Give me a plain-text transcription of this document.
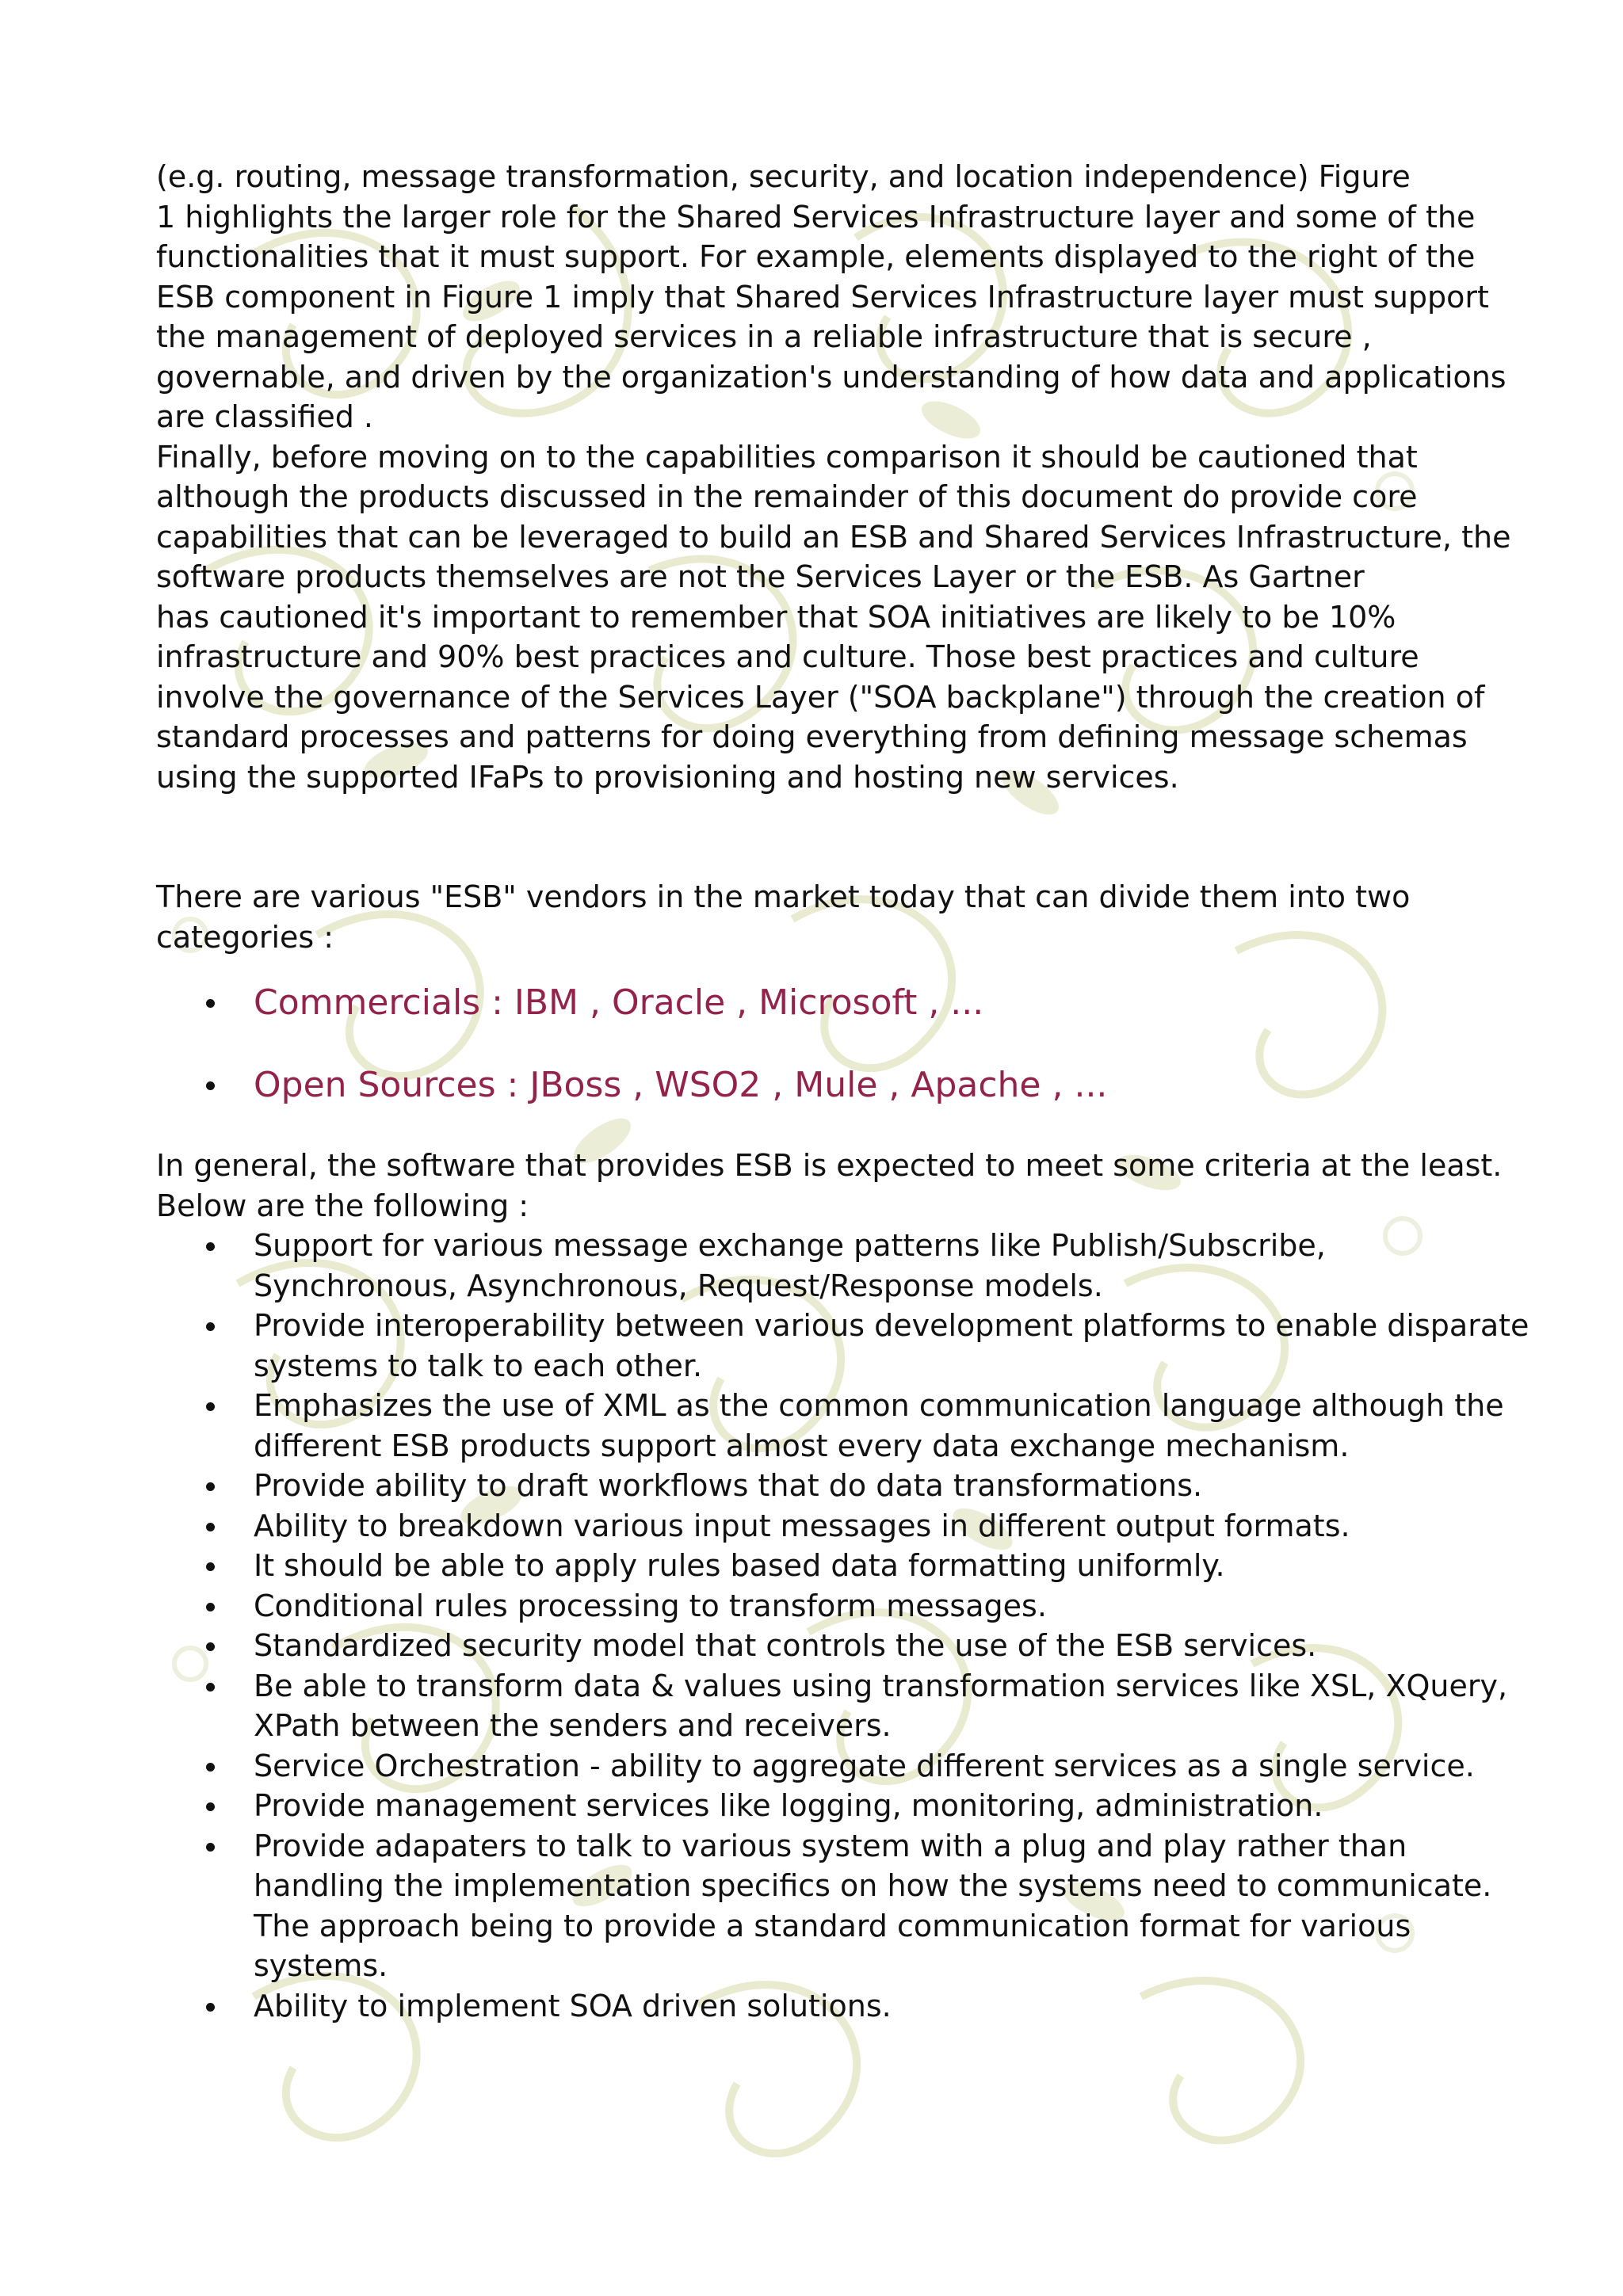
(e.g. routing, message transformation, security, and location independence) Figure
1 highlights the larger role for the Shared Services Infrastructure layer and some of the
functionalities that it must support. For example, elements displayed to the right of the
ESB component in Figure 1 imply that Shared Services Infrastructure layer must support
the management of deployed services in a reliable infrastructure that is secure ,
governable, and driven by the organization's understanding of how data and applications
are classified .
Finally, before moving on to the capabilities comparison it should be cautioned that
although the products discussed in the remainder of this document do provide core
capabilities that can be leveraged to build an ESB and Shared Services Infrastructure, the
software products themselves are not the Services Layer or the ESB. As Gartner
has cautioned it's important to remember that SOA initiatives are likely to be 10%
infrastructure and 90% best practices and culture. Those best practices and culture
involve the governance of the Services Layer ("SOA backplane") through the creation of
standard processes and patterns for doing everything from defining message schemas
using the supported IFaPs to provisioning and hosting new services.

There are various "ESB" vendors in the market today that can divide them into two
categories :

Commercials : IBM , Oracle , Microsoft , ...
Open Sources : JBoss , WSO2 , Mule , Apache , ...

In general, the software that provides ESB is expected to meet some criteria at the least.
Below are the following :

Support for various message exchange patterns like Publish/Subscribe,
Synchronous, Asynchronous, Request/Response models.
Provide interoperability between various development platforms to enable disparate
systems to talk to each other.
Emphasizes the use of XML as the common communication language although the
different ESB products support almost every data exchange mechanism.
Provide ability to draft workflows that do data transformations.
Ability to breakdown various input messages in different output formats.
It should be able to apply rules based data formatting uniformly.
Conditional rules processing to transform messages.
Standardized security model that controls the use of the ESB services.
Be able to transform data & values using transformation services like XSL, XQuery,
XPath between the senders and receivers.
Service Orchestration - ability to aggregate different services as a single service.
Provide management services like logging, monitoring, administration.
Provide adapaters to talk to various system with a plug and play rather than
handling the implementation specifics on how the systems need to communicate.
The approach being to provide a standard communication format for various
systems.
Ability to implement SOA driven solutions.
